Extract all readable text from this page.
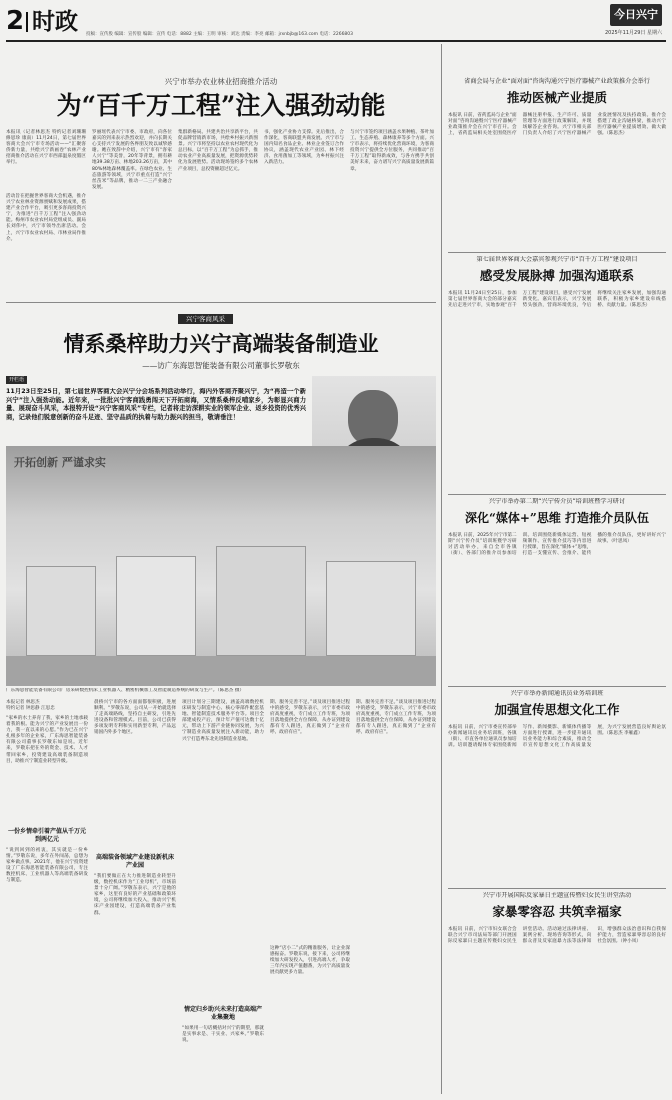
2 时政	今日兴宁
2025年11月29日 星期六
投稿：宣传股 编辑：宣传股 编辑：宣传 电话：8882 主编：王明 审核：刘达 责编：李亮 邮箱：jrxnbjb@163.com 电话：2266803
兴宁市举办农业林业招商推介活动
为“百千万工程”注入强劲动能
本报讯（记者林思杰 特约记者刘珊珊 修思珍 康南）11月24日，第七届世界客商大会兴宁市专场活动——“汇聚客侨新力量，共绘兴宁新画卷”农林产业招商推介活动在兴宁市西部温泉度假区举行。
活动旨在把握世界客商大会机遇，推介兴宁农业林业资源禀赋和发展成果，搭建产业合作平台，吸引更多客商投资兴宁，为推进“百千万工程”注入强劲动能。梅州市农业农村局党组成员、副局长刘伟中，兴宁市领导出席活动。会上，兴宁市农业农村局、市林业局作推介。
罗丽瑶代表兴宁市委、市政府，向各位嘉宾的到来表示热烈欢迎，并向长期关心支持兴宁发展的各界朋友致以诚挚感谢。她在致辞中介绍，兴宁市有“客家人兴宁”等美誉，20年等背景，拥有耕地39.38万亩、林地203.26万亩，其中80%林地森林覆盖率。在绿色农业、生态旅游等领域，兴宁市重点打造“兴宁丝苗米”等品牌，推动一二三产业融合发展。
集群新格局。共建共治共享新平台，共促品牌营销新市场，共绘乡村振兴新图景。兴宁市将坚持以农业农村现代化为总目标，以“百千万工程”为总抓手，推动农业产业高质量发展，把资源优势转化为发展胜势。活动现场签约多个农林产业项目，总投资额超过亿元。
书，强化产业协力支撑。先后推出，合作深化，客商联盟共商发展。兴宁市与国内知名食品企业、林业企业签订合作协议，涵盖现代农业产业园、林下经济、食用菌加工等领域，为乡村振兴注入新活力。
与兴宁市签约项目涵盖水果种植、茶叶加工、生态养殖、森林康养等多个方面。兴宁市表示，将持续优化营商环境，为客商投资兴宁提供全方位服务，共同推动“百千万工程”取得新成效，与各方携手共创美好未来，奋力谱写兴宁高质量发展新篇章。
兴宁客商风采
情系桑梓助力兴宁高端装备制造业
——访广东海思智能装备有限公司董事长罗敬东
开栏语
11月23日至25日，第七届世界客商大会兴宁分会场系列活动举行，海内外客商齐聚兴宁，为“再造一个新兴宁”注入强劲动能。近年来，一批批兴宁客商践勇闯天下开拓商海，又情系桑梓反哺家乡，为彰显兴商力量、展现奋斗风采，本报特开设“兴宁客商风采”专栏，记者将走访深耕实业的领军企业、返乡投资的优秀兴商，记录他们锐意创新的奋斗足迹、坚守品质的执着与助力振兴的担当，敬请垂注！
开拓创新 严谨求实
广东海思智能装备有限公司厂房采研数控机床工业机器人、精密机械加工及智能制造系统的研发与生产。（陈思杰 摄）
本报记者 林思杰
特约记者 钟思静 江思忠
“家乡的水土养育了我，家乡的土地承载着我的根。能为兴宁的产业发展出一份力，我一直以来的心愿。”作为已在兴宁扎根多年的企业家，广东海思智能装备有限公司董事长罗敬东如是说。近年来，罗敬东把在外的资金、技术、人才带回家乡，投资建设高端装备制造项目，助推兴宁制造业转型升级。
一份乡情牵引着产值从千万元到两亿元
“说到回到的初衷，其实就是一份乡情。”罗敬东说，多年在外闯荡，总想为家乡做点事。2021年，他在兴宁投资建设了广东海思智能装备有限公司，专注数控机床、工业机器人等高端装备研发与制造。
晨桥兴宁市的各方面面都很积极，进展顺利。“罗敬东说，公司从一开始就选择了走高端路线，坚持自主研发，引进先进设备和管理模式。目前，公司已获得多项发明专利和实用新型专利，产品远销国内外多个地区。
高端装备领域产业建设新机床产业园
“我们要做正在大力推进制造业转型升级，数控机床作为“工业母机”，市场前景十分广阔。”罗敬东表示，兴宁是他的家乡，这里有良好的产业基础和政策环境，公司将继续加大投入，推动兴宁机床产业园建设，打造高端装备产业集群。
项目计划分三期建设，涵盖高端数控机床研发与制造中心、核心零部件配套基地、智能制造技术服务平台等。项目全部建成投产后，预计年产值可达数十亿元，带动上下游产业链协同发展，为兴宁制造业高质量发展注入新动能，助力兴宁打造粤东北先进制造业基地。
情定归乡助兴未来打造高端产业集聚地
“如果用一句话概括对兴宁的期望，那就是实事求是、干实业、兴家乡。”罗敬东说。
期、服务完善不足。”谈及项目推进过程中的感受，罗敬东表示，兴宁市委市政府高度重视，专门成立工作专班，为项目落地提供全方位保障，从办证到建设都有专人跟进，真正做到了“企业有呼、政府有应”。
这种“店小二”式的精准服务，让企业深感振奋。罗敬东说，接下来，公司将继续加大研发投入，引进高端人才，争取三年内实现产值翻番，为兴宁高质量发展贡献更多力量。
期、服务完善不足。”谈及项目推进过程中的感受，罗敬东表示，兴宁市委市政府高度重视，专门成立工作专班，为项目落地提供全方位保障，从办证到建设都有专人跟进，真正做到了“企业有呼、政府有应”。
省商会局与企业“面对面”咨询沟通兴宁医疗器械产业政策推介会举行
推动医械产业提质
本报讯 日前，省药监局与企业“面对面”咨询沟通暨兴宁医疗器械产业政策推介会在兴宁市召开。会上，省药监局相关处室围绕医疗器械注册申报、生产许可、质量管理等方面进行政策解读，并现场解答企业咨询。兴宁市相关部门负责人介绍了兴宁医疗器械产业发展情况及扶持政策。推介会搭建了政企沟通桥梁，推动兴宁医疗器械产业提质增效、做大做强。（陈思杰）
第七届世界客商大会嘉宾参观兴宁市“百千万工程”建设项目
感受发展脉搏 加强沟通联系
本报讯 11月24日至25日，参加第七届世界客商大会的部分嘉宾先后走进兴宁市，实地参观“百千万工程”建设项目，感受兴宁发展新变化。嘉宾们表示，兴宁发展势头强劲，营商环境优良，今后将继续关注家乡发展，加强沟通联系，积极为家乡建设牵线搭桥、贡献力量。（陈思杰）
兴宁市举办第二期“兴宁传介员”培训班暨学习研讨
深化“媒体+”思维 打造推介员队伍
本报讯 日前，2025年兴宁市第二期“兴宁传介员”培训班暨学习研讨活动举办，来自全市各镇（街）、各部门的推介员参加培训。培训围绕新媒体运营、短视频制作、宣传推介技巧等内容进行授课，旨在深化“媒体+”思维，打造一支懂宣传、会推介、能传播的推介员队伍，更好讲好兴宁故事。（叶思凤）
兴宁市举办新闻通讯员业务培训班
加强宣传思想文化工作
本报讯 日前，兴宁市委宣传部举办新闻通讯员业务培训班，各镇（街）、市直各单位通讯员参加培训。培训邀请媒体专家围绕新闻写作、新闻摄影、新媒体传播等方面进行授课，进一步提升通讯员业务能力和综合素质，推动全市宣传思想文化工作高质量发展，为兴宁发展营造良好舆论氛围。（陈思杰 李雁鑫）
兴宁市开展国际反家暴日主题宣传暨妇女民生讲堂活动
家暴零容忍 共筑幸福家
本报讯 日前，兴宁市妇女联合会联合兴宁市司法局等部门开展国际反家暴日主题宣传暨妇女民生讲堂活动。活动通过法律讲座、案例分析、现场咨询等形式，向群众普及反家庭暴力法等法律知识，增强群众法治意识和自我保护能力，营造家暴零容忍的良好社会氛围。（钟小凤）
